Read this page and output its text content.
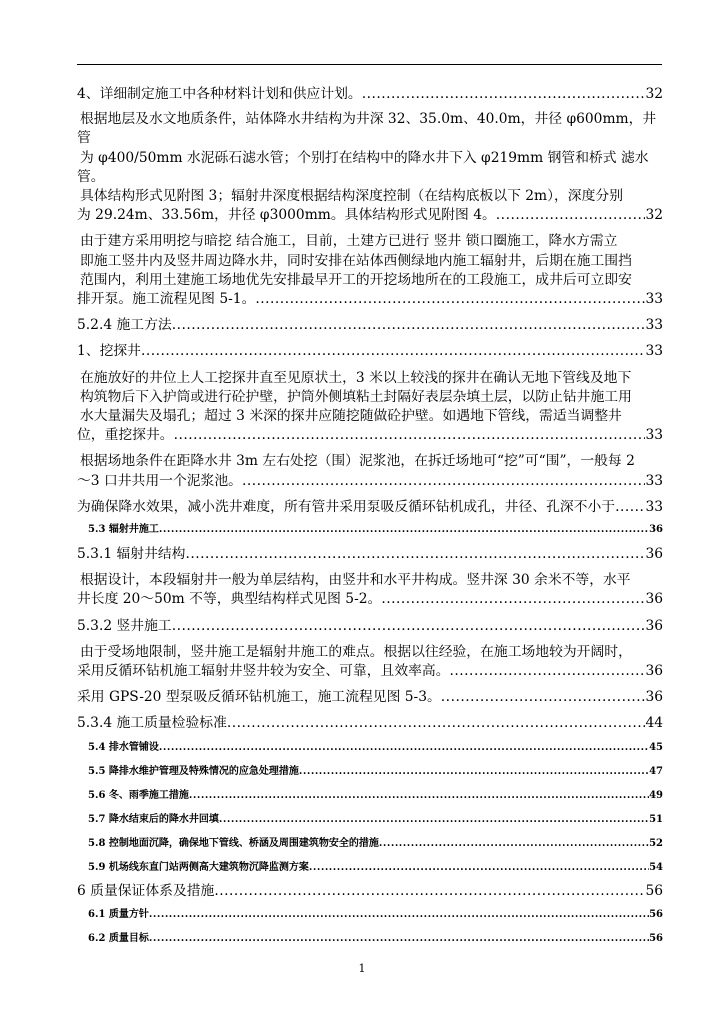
4、详细制定施工中各种材料计划和供应计划。 .....	32
根据地层及水文地质条件，站体降水井结构为井深 32、35.0m、40.0m，井径 φ600mm，井管
为 φ400/50mm 水泥砾石滤水管；个别打在结构中的降水井下入 φ219mm 钢管和桥式 滤水管。
具体结构形式见附图 3；辐射井深度根据结构深度控制（在结构底板以下 2m），深度分别
为 29.24m、33.56m，井径 φ3000mm。具体结构形式见附图 4。 .....	32
由于建方采用明挖与暗挖 结合施工，目前，土建方已进行 竖井 锁口圈施工，降水方需立
即施工竖井内及竖井周边降水井，同时安排在站体西侧绿地内施工辐射井，后期在施工围挡
范围内，利用土建施工场地优先安排最早开工的开挖场地所在的工段施工，成井后可立即安
排开泵。施工流程见图 5-1。 .....	33
5.2.4 施工方法 .....	33
1、挖探井 .....	33
在施放好的井位上人工挖探井直至见原状土，3 米以上较浅的探井在确认无地下管线及地下
构筑物后下入护筒或进行砼护壁，护筒外侧填粘土封隔好表层杂填土层，以防止钻井施工用
水大量漏失及塌孔；超过 3 米深的探井应随挖随做砼护壁。如遇地下管线，需适当调整井
位，重挖探井。 .....	33
根据场地条件在距降水井 3m 左右处挖（围）泥浆池，在拆迁场地可“挖”可“围”，一般每 2
～3 口井共用一个泥浆池。 .....	33
为确保降水效果，减小洗井难度，所有管井采用泵吸反循环钻机成孔，井径、孔深不小于 ..... 33
5.3 辐射井施工 .....	36
5.3.1 辐射井结构 .....	36
根据设计，本段辐射井一般为单层结构，由竖井和水平井构成。竖井深 30 余米不等，水平
井长度 20～50m 不等，典型结构样式见图 5-2。 .....	36
5.3.2 竖井施工 .....	36
由于受场地限制，竖井施工是辐射井施工的难点。根据以往经验，在施工场地较为开阔时，
采用反循环钻机施工辐射井竖井较为安全、可靠，且效率高。 .....	36
采用 GPS-20 型泵吸反循环钻机施工，施工流程见图 5-3。 .....	36
5.3.4 施工质量检验标准 .....	44
5.4 排水管铺设 .....	45
5.5 降排水维护管理及特殊情况的应急处理措施 .....	47
5.6 冬、雨季施工措施 .....	49
5.7 降水结束后的降水井回填 .....	51
5.8 控制地面沉降，确保地下管线、桥涵及周围建筑物安全的措施 .....	52
5.9 机场线东直门站两侧高大建筑物沉降监测方案 .....	54
6 质量保证体系及措施 .....	56
6.1 质量方针 .....	56
6.2 质量目标 .....	56
1
